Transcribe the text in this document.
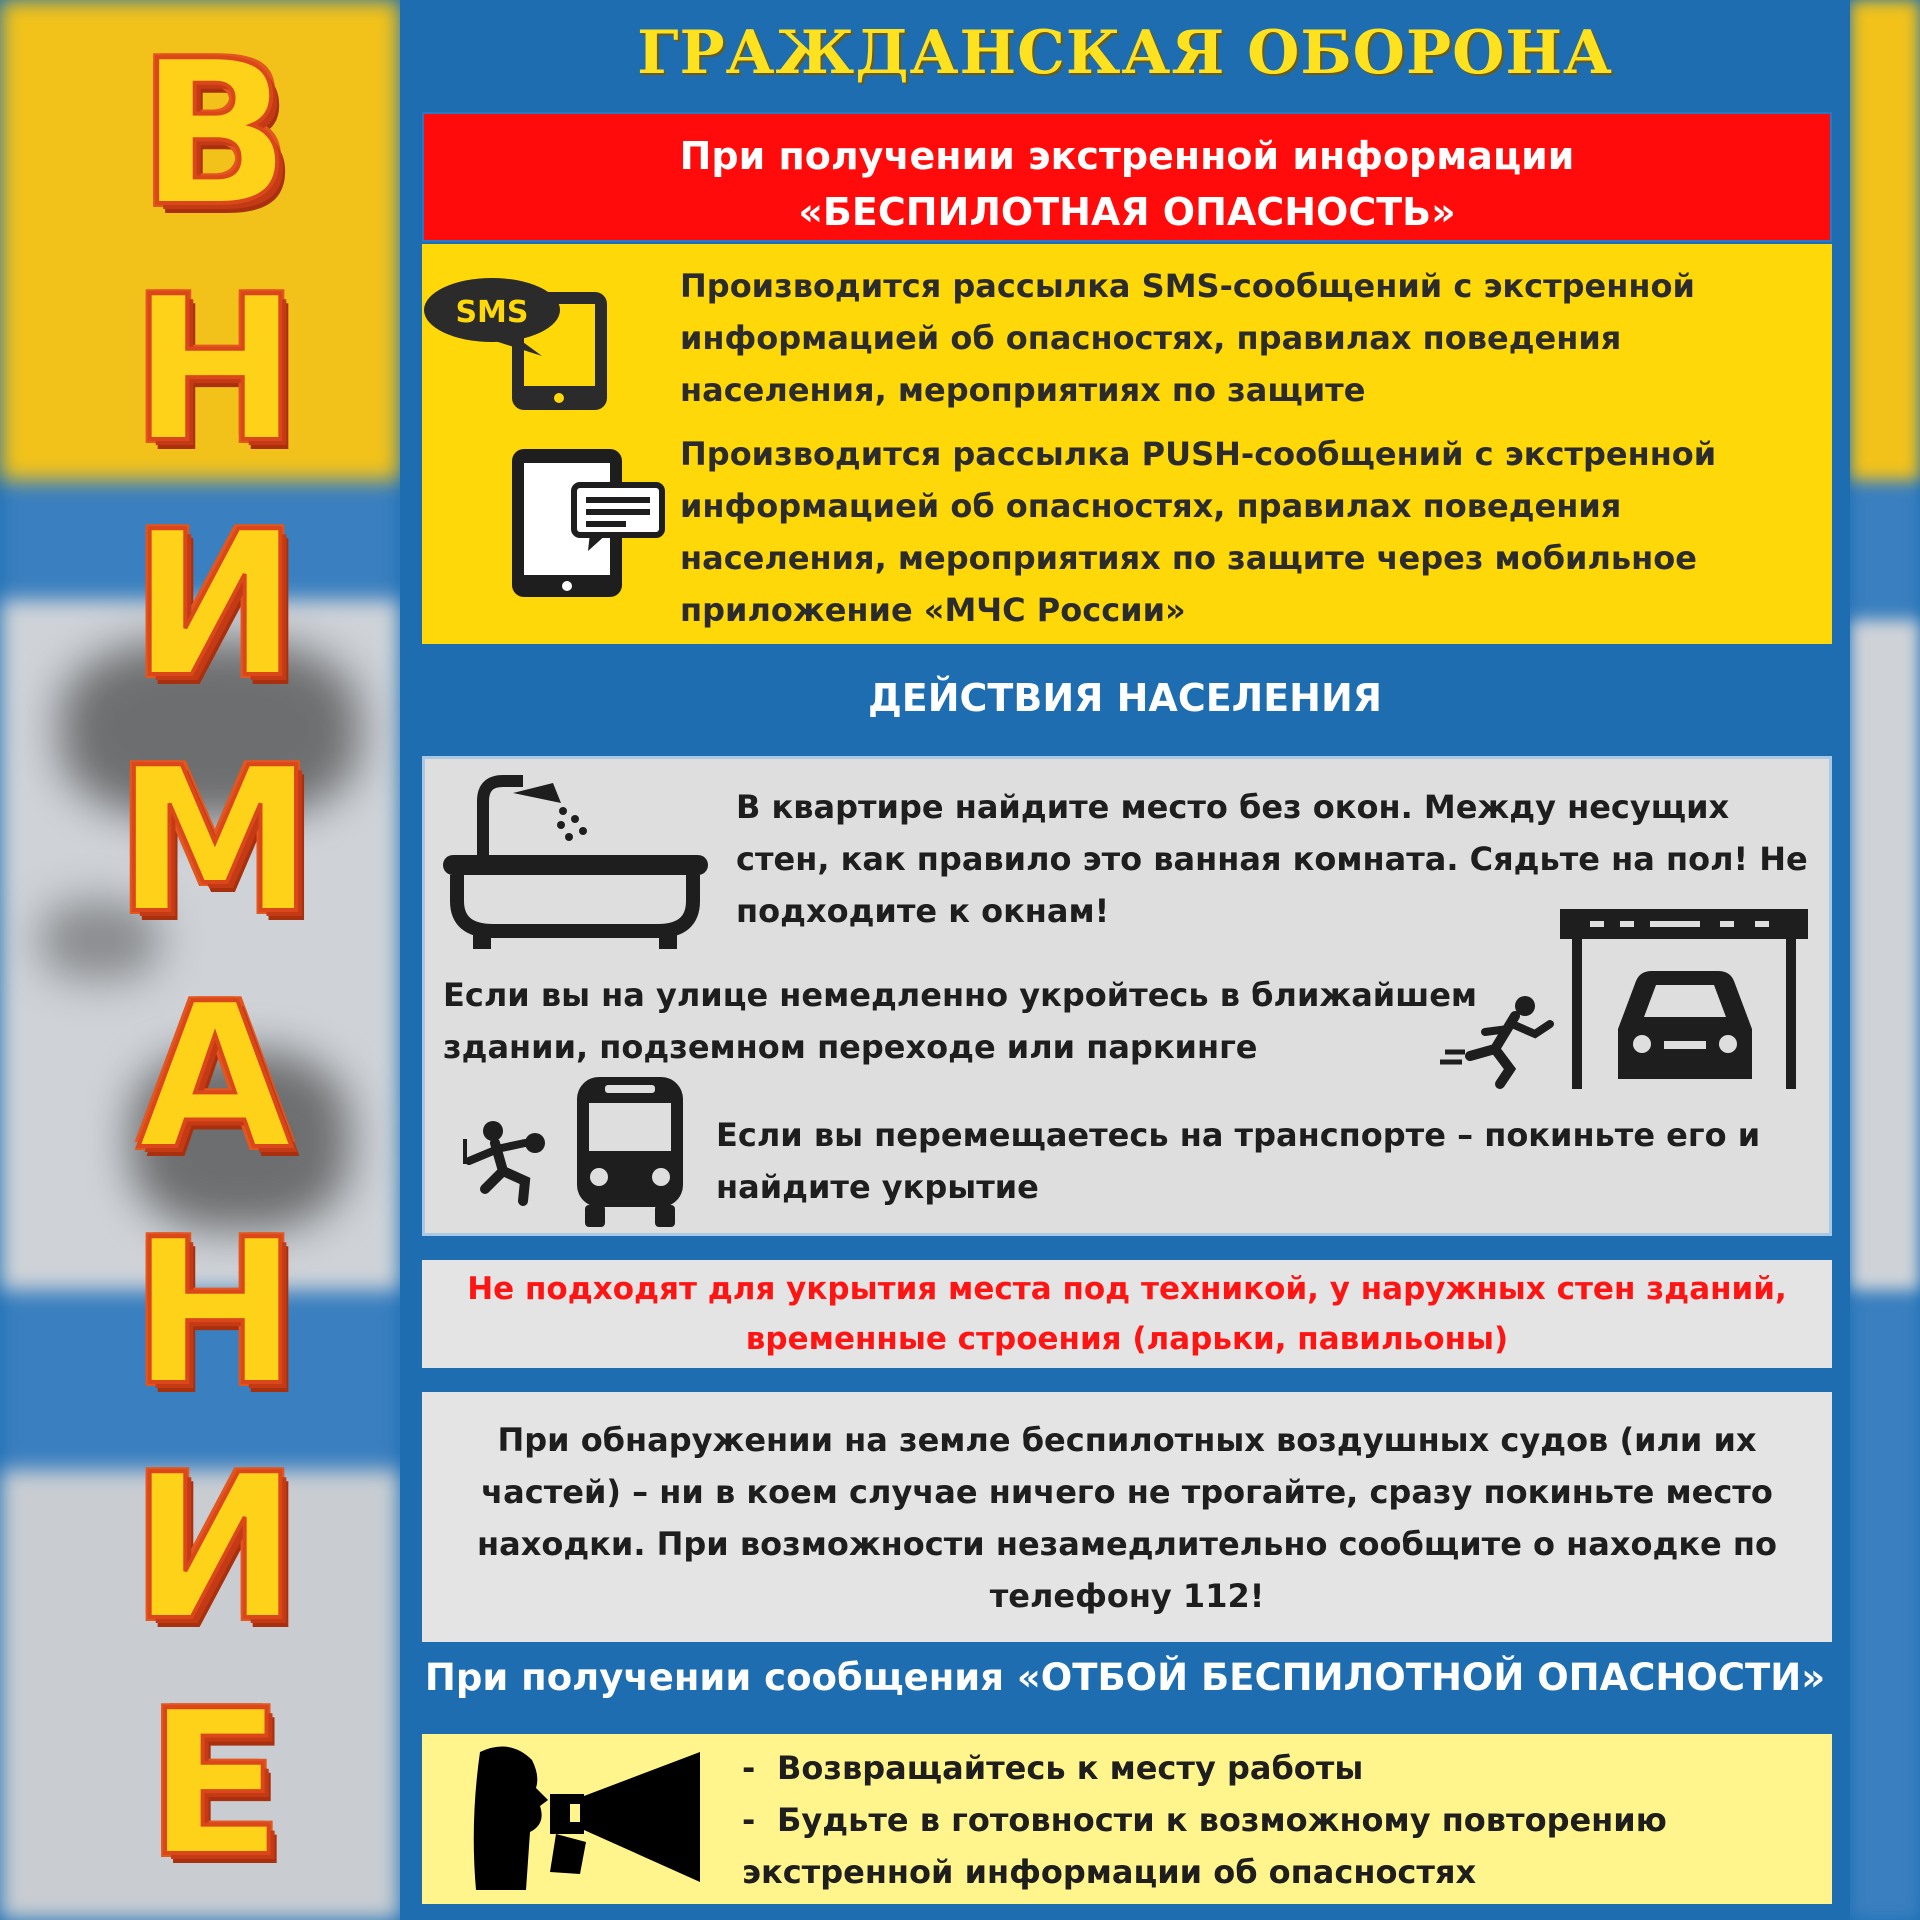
В
Н
И
М
А
Н
И
Е
ГРАЖДАНСКАЯ ОБОРОНА
При получении экстренной информации
«БЕСПИЛОТНАЯ ОПАСНОСТЬ»
SMS
Производится рассылка SMS-сообщений с экстренной информацией об опасностях, правилах поведения населения, мероприятиях по защите
Производится рассылка PUSH-сообщений с экстренной информацией об опасностях, правилах поведения населения, мероприятиях по защите через мобильное приложение «МЧС России»
ДЕЙСТВИЯ НАСЕЛЕНИЯ
В квартире найдите место без окон. Между несущих стен, как правило это ванная комната. Сядьте на пол! Не подходите к окнам!
Если вы на улице немедленно укройтесь в ближайшем здании, подземном переходе или паркинге
Если вы перемещаетесь на транспорте – покиньте его и найдите укрытие
Не подходят для укрытия места под техникой, у наружных стен зданий, временные строения (ларьки, павильоны)
При обнаружении на земле беспилотных воздушных судов (или их частей) – ни в коем случае ничего не трогайте, сразу покиньте место находки. При возможности незамедлительно сообщите о находке по телефону 112!
При получении сообщения «ОТБОЙ БЕСПИЛОТНОЙ ОПАСНОСТИ»
- Возвращайтесь к месту работы
- Будьте в готовности к возможному повторению экстренной информации об опасностях
